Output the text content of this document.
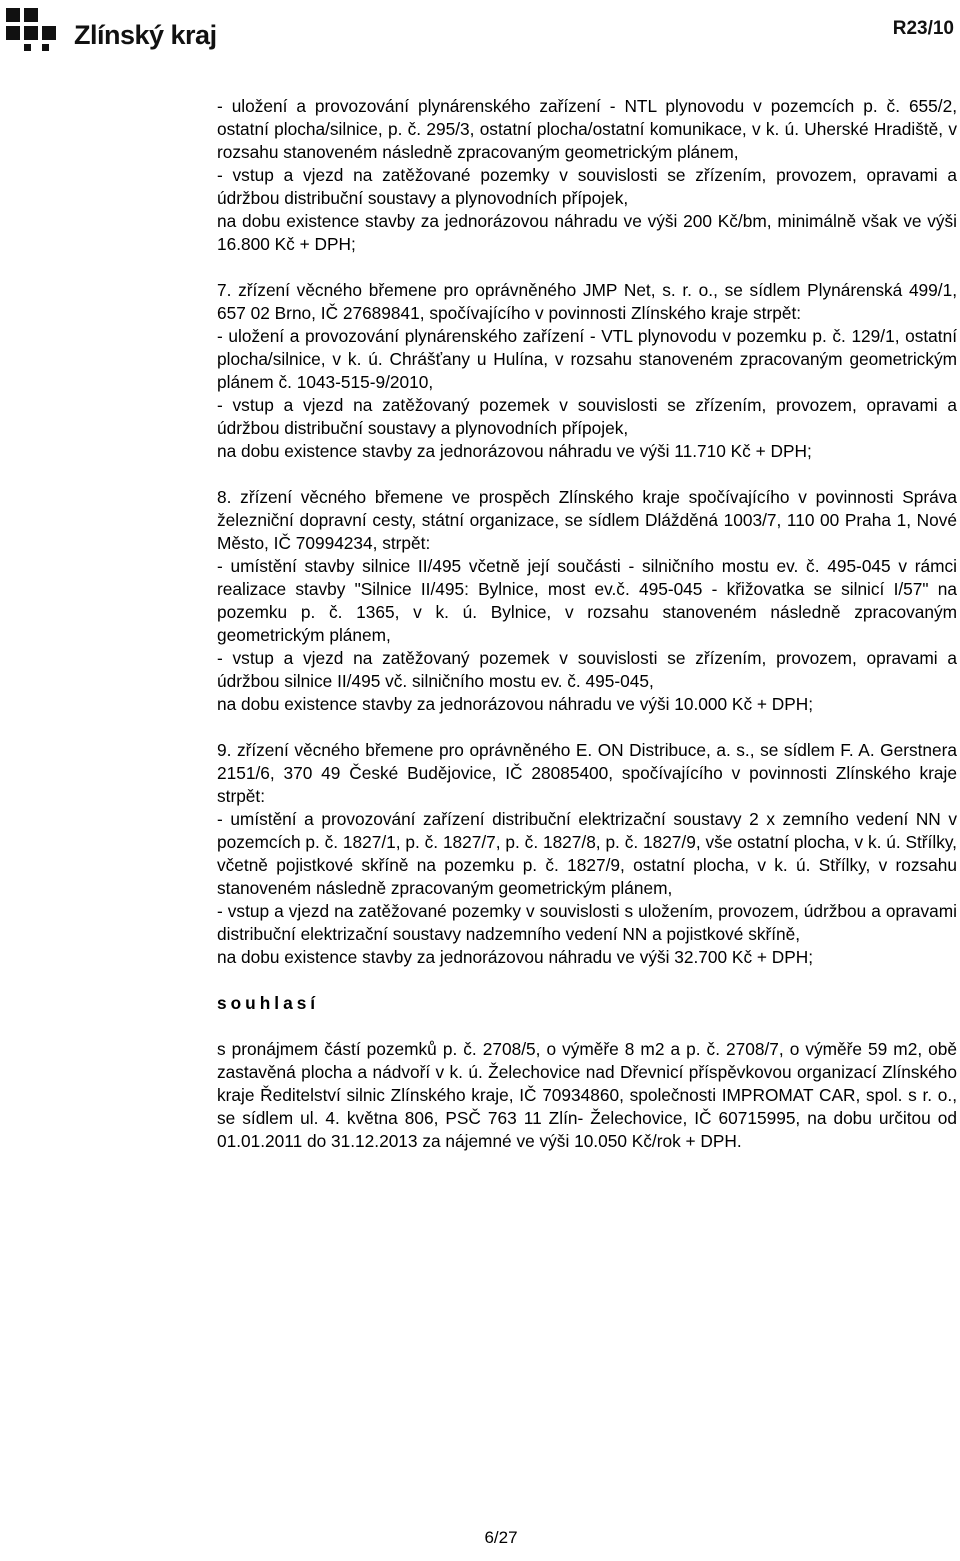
Zlínský kraj	R23/10

- uložení a provozování plynárenského zařízení - NTL plynovodu v pozemcích p. č. 655/2, ostatní plocha/silnice, p. č. 295/3, ostatní plocha/ostatní komunikace, v k. ú. Uherské Hradiště, v rozsahu stanoveném následně zpracovaným geometrickým plánem,

- vstup a vjezd na zatěžované pozemky v souvislosti se zřízením, provozem, opravami a údržbou distribuční soustavy a plynovodních přípojek,

na dobu existence stavby za jednorázovou náhradu ve výši 200 Kč/bm, minimálně však ve výši 16.800 Kč + DPH;

7. zřízení věcného břemene pro oprávněného JMP Net, s. r. o., se sídlem Plynárenská 499/1, 657 02 Brno, IČ 27689841, spočívajícího v povinnosti Zlínského kraje strpět:

- uložení a provozování plynárenského zařízení - VTL plynovodu v pozemku p. č. 129/1, ostatní plocha/silnice, v k. ú. Chrášťany u Hulína, v rozsahu stanoveném zpracovaným geometrickým plánem č. 1043-515-9/2010,

- vstup a vjezd na zatěžovaný pozemek v souvislosti se zřízením, provozem, opravami a údržbou distribuční soustavy a plynovodních přípojek,

na dobu existence stavby za jednorázovou náhradu ve výši 11.710 Kč + DPH;

8. zřízení věcného břemene ve prospěch Zlínského kraje spočívajícího v povinnosti Správa železniční dopravní cesty, státní organizace, se sídlem Dlážděná 1003/7, 110 00 Praha 1, Nové Město, IČ 70994234, strpět:

- umístění stavby silnice II/495 včetně její součásti - silničního mostu ev. č. 495-045 v rámci realizace stavby "Silnice II/495: Bylnice, most ev.č. 495-045 - křižovatka se silnicí I/57" na pozemku p. č. 1365, v k. ú. Bylnice, v rozsahu stanoveném následně zpracovaným geometrickým plánem,

- vstup a vjezd na zatěžovaný pozemek v souvislosti se zřízením, provozem, opravami a údržbou silnice II/495 vč. silničního mostu ev. č. 495-045,

na dobu existence stavby za jednorázovou náhradu ve výši 10.000 Kč + DPH;

9. zřízení věcného břemene pro oprávněného E. ON Distribuce, a. s., se sídlem F. A. Gerstnera 2151/6, 370 49 České Budějovice, IČ 28085400, spočívajícího v povinnosti Zlínského kraje strpět:

- umístění a provozování zařízení distribuční elektrizační soustavy 2 x zemního vedení NN v pozemcích p. č. 1827/1, p. č. 1827/7, p. č. 1827/8, p. č. 1827/9, vše ostatní plocha, v k. ú. Střílky, včetně pojistkové skříně na pozemku p. č. 1827/9, ostatní plocha, v k. ú. Střílky, v rozsahu stanoveném následně zpracovaným geometrickým plánem,

- vstup a vjezd na zatěžované pozemky v souvislosti s uložením, provozem, údržbou a opravami distribuční elektrizační soustavy nadzemního vedení NN a pojistkové skříně,

na dobu existence stavby za jednorázovou náhradu ve výši 32.700 Kč + DPH;

souhlasí

s pronájmem částí pozemků p. č. 2708/5, o výměře 8 m2 a p. č. 2708/7, o výměře 59 m2, obě zastavěná plocha a nádvoří v k. ú. Želechovice nad Dřevnicí příspěvkovou organizací Zlínského kraje Ředitelství silnic Zlínského kraje, IČ 70934860, společnosti IMPROMAT CAR, spol. s r. o., se sídlem ul. 4. května 806, PSČ 763 11 Zlín- Želechovice, IČ 60715995, na dobu určitou od 01.01.2011 do 31.12.2013 za nájemné ve výši 10.050 Kč/rok + DPH.

6/27
